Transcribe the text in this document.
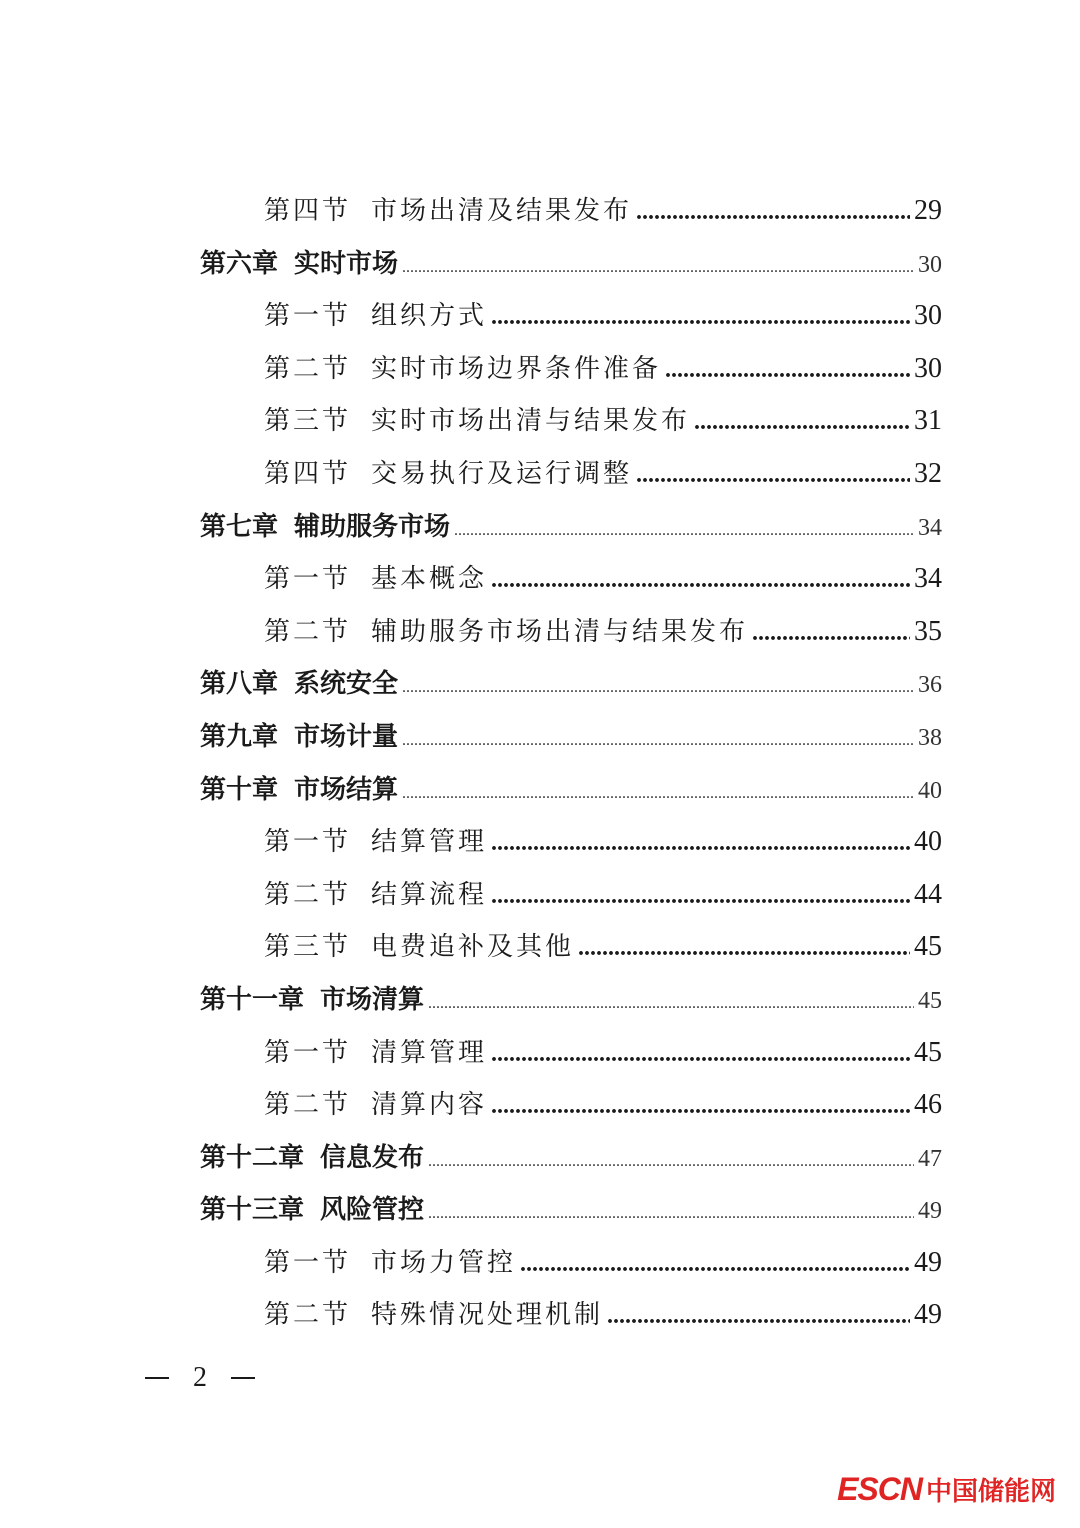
第四节 市场出清及结果发布 .....	29
第六章 实时市场 .....	30
第一节 组织方式 .....	30
第二节 实时市场边界条件准备 .....	30
第三节 实时市场出清与结果发布 .....	31
第四节 交易执行及运行调整 .....	32
第七章 辅助服务市场 .....	34
第一节 基本概念 .....	34
第二节 辅助服务市场出清与结果发布 .....	35
第八章 系统安全 .....	36
第九章 市场计量 .....	38
第十章 市场结算 .....	40
第一节 结算管理 .....	40
第二节 结算流程 .....	44
第三节 电费追补及其他 .....	45
第十一章 市场清算 .....	45
第一节 清算管理 .....	45
第二节 清算内容 .....	46
第十二章 信息发布 .....	47
第十三章 风险管控 .....	49
第一节 市场力管控 .....	49
第二节 特殊情况处理机制 .....	49
2
ESCN 中国储能网
